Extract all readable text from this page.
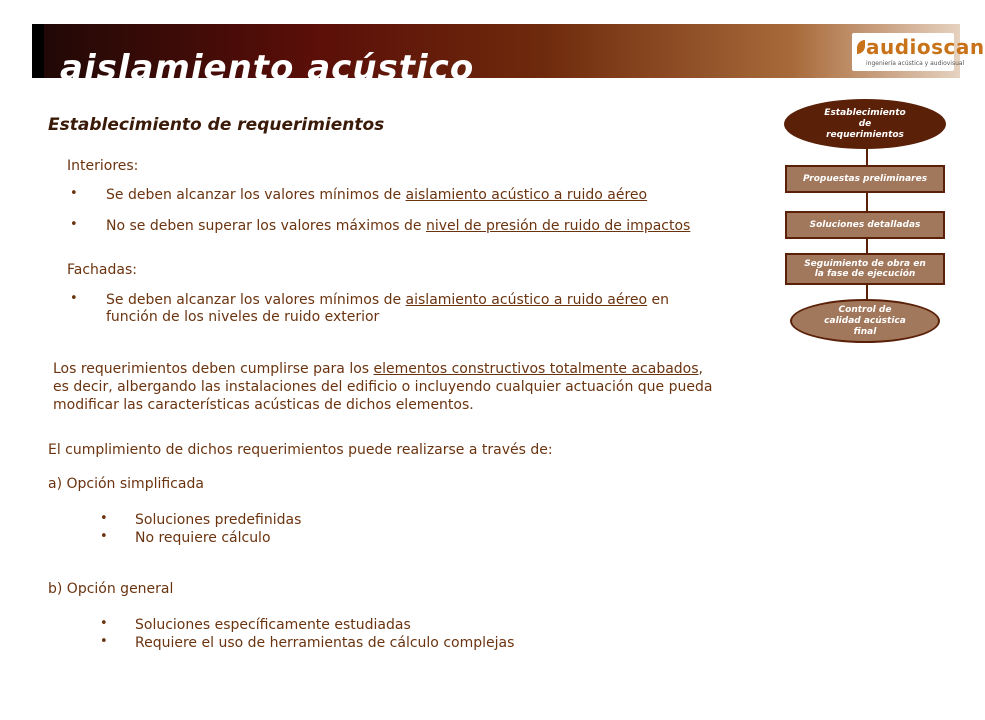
aislamiento acústico
audioscan
ingeniería acústica y audiovisual
Establecimiento de requerimientos
Interiores:
• Se deben alcanzar los valores mínimos de aislamiento acústico a ruido aéreo
• No se deben superar los valores máximos de nivel de presión de ruido de impactos
Fachadas:
• Se deben alcanzar los valores mínimos de aislamiento acústico a ruido aéreo en
función de los niveles de ruido exterior
Los requerimientos deben cumplirse para los elementos constructivos totalmente acabados,
es decir, albergando las instalaciones del edificio o incluyendo cualquier actuación que pueda
modificar las características acústicas de dichos elementos.
El cumplimiento de dichos requerimientos puede realizarse a través de:
a) Opción simplificada
• Soluciones predefinidas
• No requiere cálculo
b) Opción general
• Soluciones específicamente estudiadas
• Requiere el uso de herramientas de cálculo complejas
Establecimiento
de
requerimientos
Propuestas preliminares
Soluciones detalladas
Seguimiento de obra en
la fase de ejecución
Control de
calidad acústica
final
